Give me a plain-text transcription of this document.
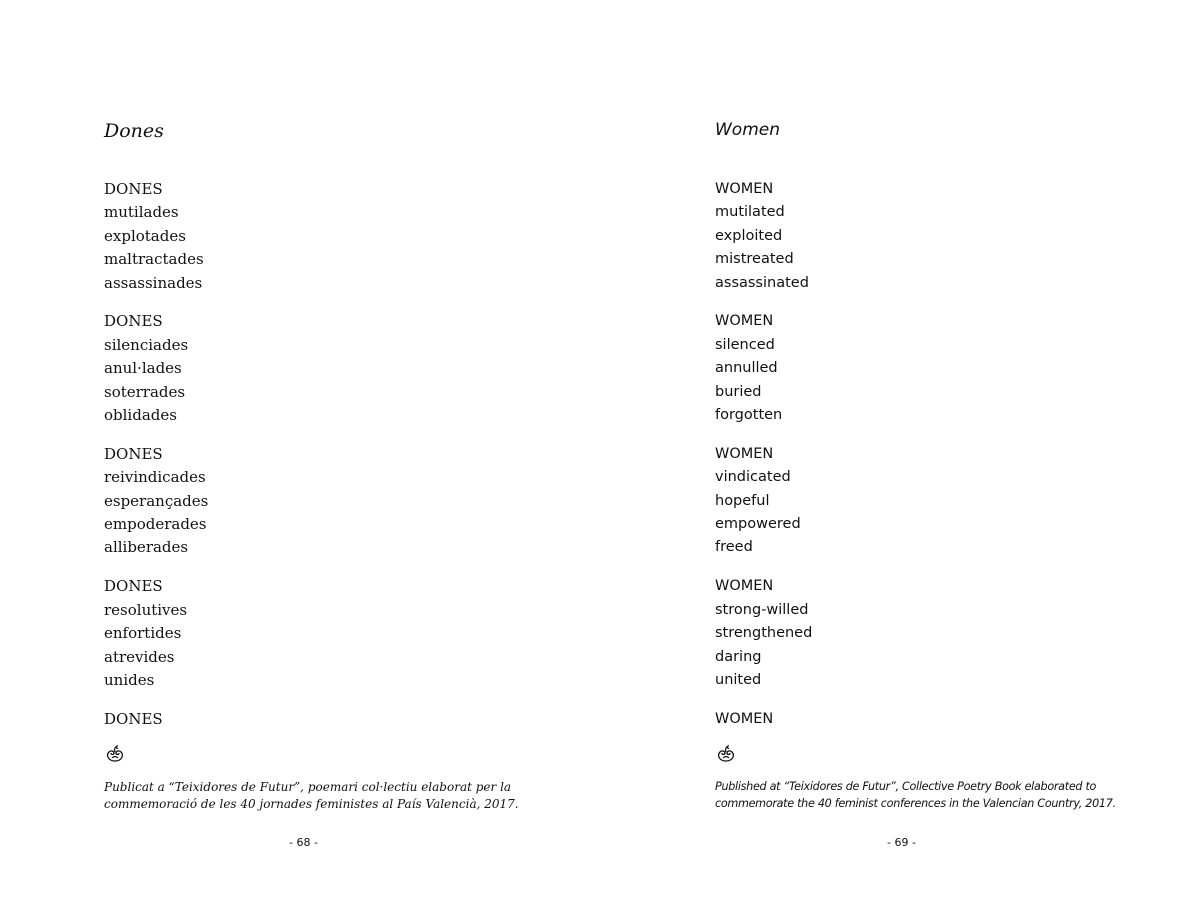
Dones
DONES
mutilades
explotades
maltractades
assassinades
DONES
silenciades
anul·lades
soterrades
oblidades
DONES
reivindicades
esperançades
empoderades
alliberades
DONES
resolutives
enfortides
atrevides
unides
DONES

Publicat a “Teixidores de Futur”, poemari col·lectiu elaborat per la
commemoració de les 40 jornades feministes al País Valencià, 2017.

- 68 -
Women
WOMEN
mutilated
exploited
mistreated
assassinated
WOMEN
silenced
annulled
buried
forgotten
WOMEN
vindicated
hopeful
empowered
freed
WOMEN
strong-willed
strengthened
daring
united
WOMEN

Published at “Teixidores de Futur”, Collective Poetry Book elaborated to
commemorate the 40 feminist conferences in the Valencian Country, 2017.

- 69 -
